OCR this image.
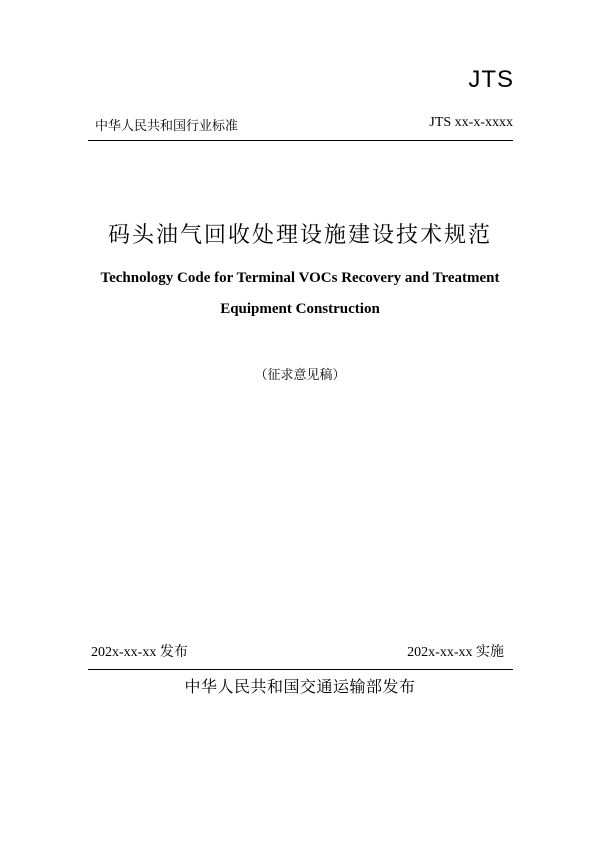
JTS
中华人民共和国行业标准	JTS xx-x-xxxx
码头油气回收处理设施建设技术规范
Technology Code for Terminal VOCs Recovery and Treatment
Equipment Construction
（征求意见稿）
202x-xx-xx 发布	202x-xx-xx 实施
中华人民共和国交通运输部发布
